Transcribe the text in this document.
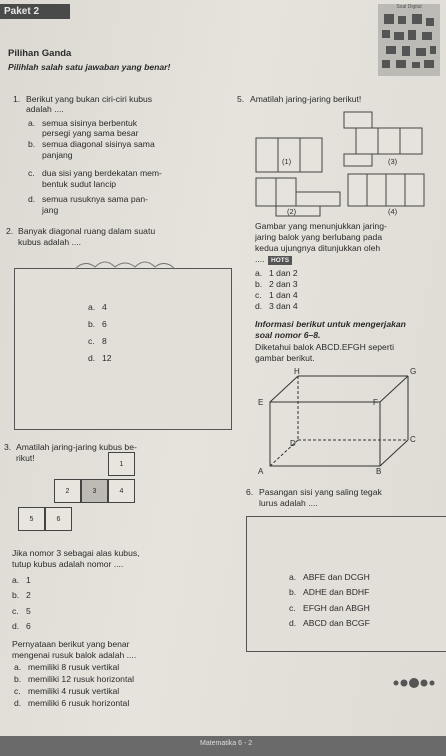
Paket 2	Soal Digital
Pilihan Ganda
Pilihlah salah satu jawaban yang benar!
1. Berikut yang bukan ciri-ciri kubus
adalah ....
a. semua sisinya berbentuk
persegi yang sama besar
b. semua diagonal sisinya sama
panjang
c. dua sisi yang berdekatan mem-
bentuk sudut lancip
d. semua rusuknya sama pan-
jang
2. Banyak diagonal ruang dalam suatu
kubus adalah ....
a. 4
b. 6
c. 8
d. 12
3. Amatilah jaring-jaring kubus be-
rikut!
1
2	3	4
5	6
Jika nomor 3 sebagai alas kubus,
tutup kubus adalah nomor ....
a. 1
b. 2
c. 5
d. 6
Pernyataan berikut yang benar
mengenai rusuk balok adalah ....
a. memiliki 8 rusuk vertikal
b. memiliki 12 rusuk horizontal
c. memiliki 4 rusuk vertikal
d. memiliki 6 rusuk horizontal
5. Amatilah jaring-jaring berikut!
(1)	(3)
(2)	(4)
Gambar yang menunjukkan jaring-
jaring balok yang berlubang pada
kedua ujungnya ditunjukkan oleh
.... HOTS
a. 1 dan 2
b. 2 dan 3
c. 1 dan 4
d. 3 dan 4
Informasi berikut untuk mengerjakan
soal nomor 6–8.
Diketahui balok ABCD.EFGH seperti
gambar berikut.
H	G
E	F
D	C
A	B
6. Pasangan sisi yang saling tegak
lurus adalah ....
a. ABFE dan DCGH
b. ADHE dan BDHF
c. EFGH dan ABGH
d. ABCD dan BCGF
Matematika 6 - 2
